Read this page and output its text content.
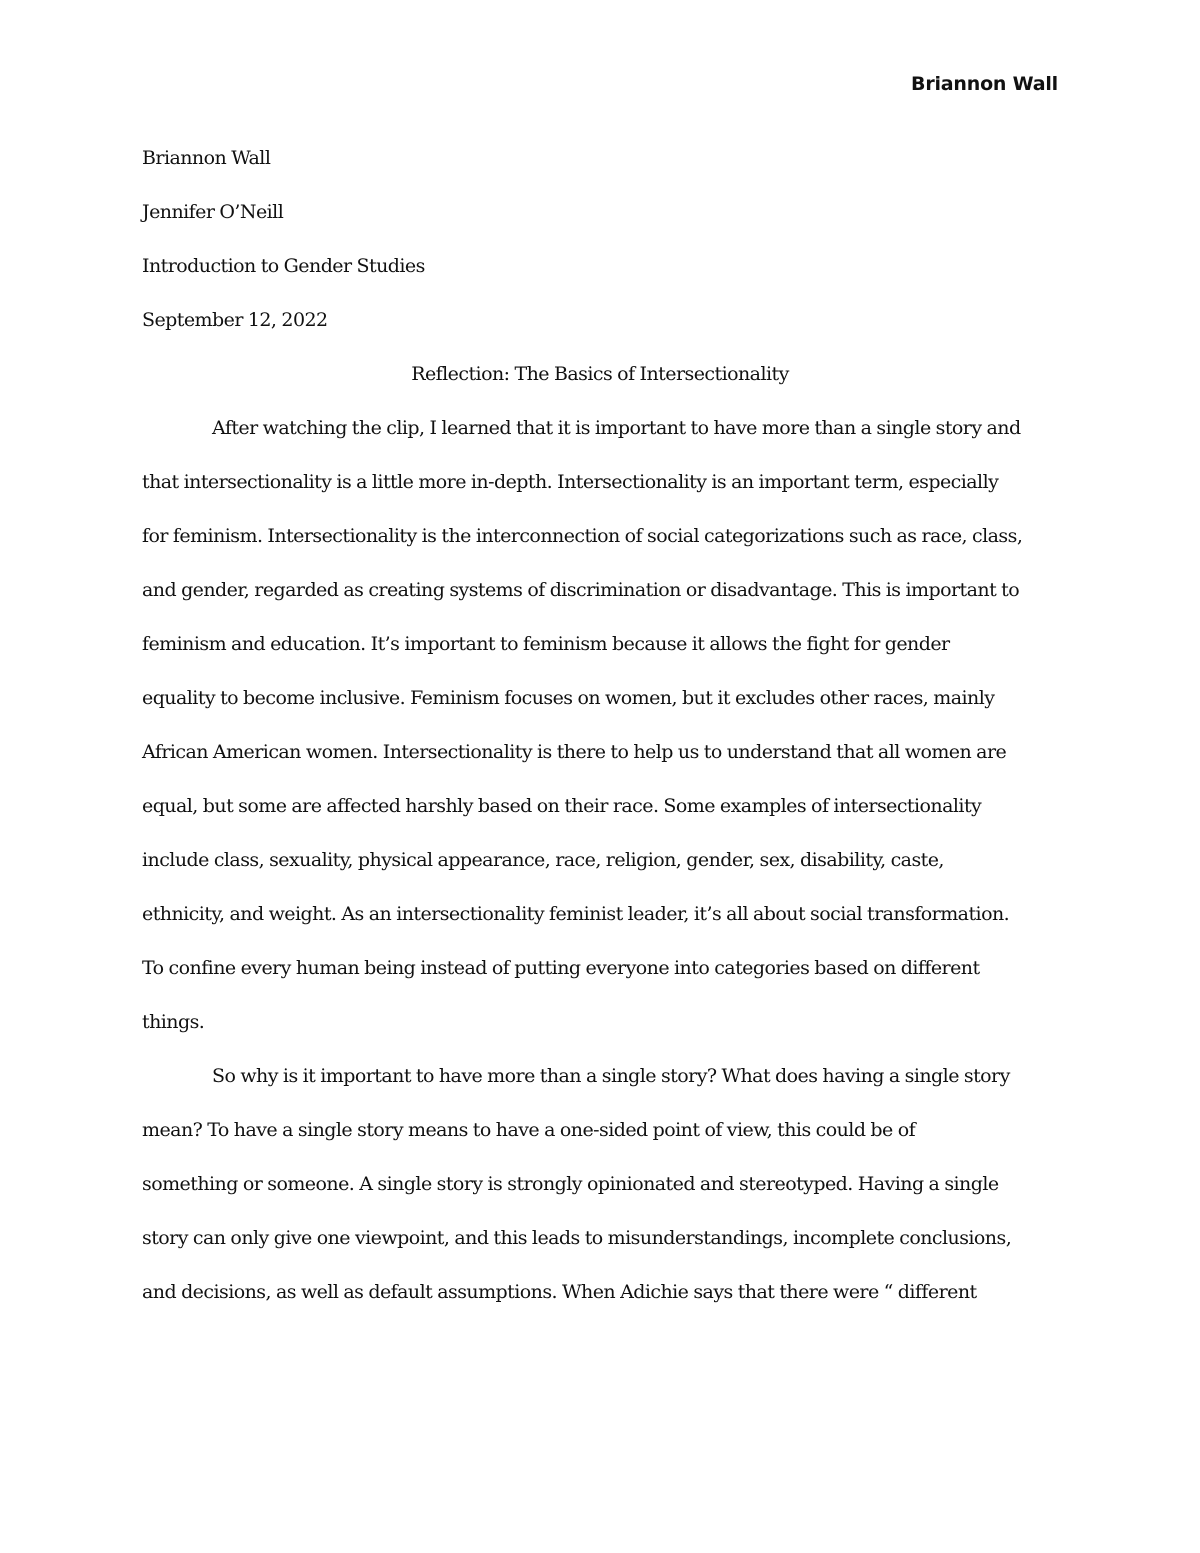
Briannon Wall
Briannon Wall
Jennifer O’Neill
Introduction to Gender Studies
September 12, 2022
Reflection: The Basics of Intersectionality
After watching the clip, I learned that it is important to have more than a single story and
that intersectionality is a little more in-depth. Intersectionality is an important term, especially
for feminism. Intersectionality is the interconnection of social categorizations such as race, class,
and gender, regarded as creating systems of discrimination or disadvantage. This is important to
feminism and education. It’s important to feminism because it allows the fight for gender
equality to become inclusive. Feminism focuses on women, but it excludes other races, mainly
African American women. Intersectionality is there to help us to understand that all women are
equal, but some are affected harshly based on their race. Some examples of intersectionality
include class, sexuality, physical appearance, race, religion, gender, sex, disability, caste,
ethnicity, and weight. As an intersectionality feminist leader, it’s all about social transformation.
To confine every human being instead of putting everyone into categories based on different
things.
So why is it important to have more than a single story? What does having a single story
mean? To have a single story means to have a one-sided point of view, this could be of
something or someone. A single story is strongly opinionated and stereotyped. Having a single
story can only give one viewpoint, and this leads to misunderstandings, incomplete conclusions,
and decisions, as well as default assumptions. When Adichie says that there were “ different
